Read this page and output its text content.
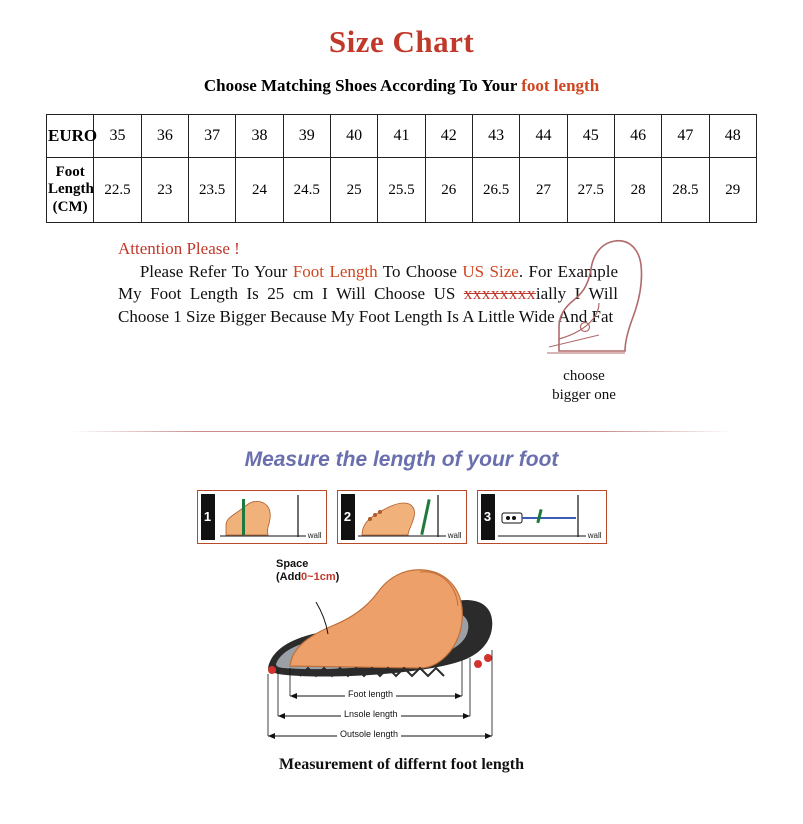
Size Chart
Choose Matching Shoes According To Your foot length
EURO	35	36	37	38	39	40	41	42	43	44	45	46	47	48

Foot
Length
(CM)	22.5	23	23.5	24	24.5	25	25.5	26	26.5	27	27.5	28	28.5	29
Attention Please !
Please Refer To Your Foot Length To Choose US Size. For Example My Foot Length Is 25 cm I Will Choose US xxxxxxxxially I Will Choose 1 Size Bigger Because My Foot Length Is A Little Wide And Fat
choose
bigger one
Measure the length of your foot
1
wall
2
wall
3
wall
Space
(Add0~1cm)
Foot length
Lnsole length
Outsole length
Measurement of differnt foot length
